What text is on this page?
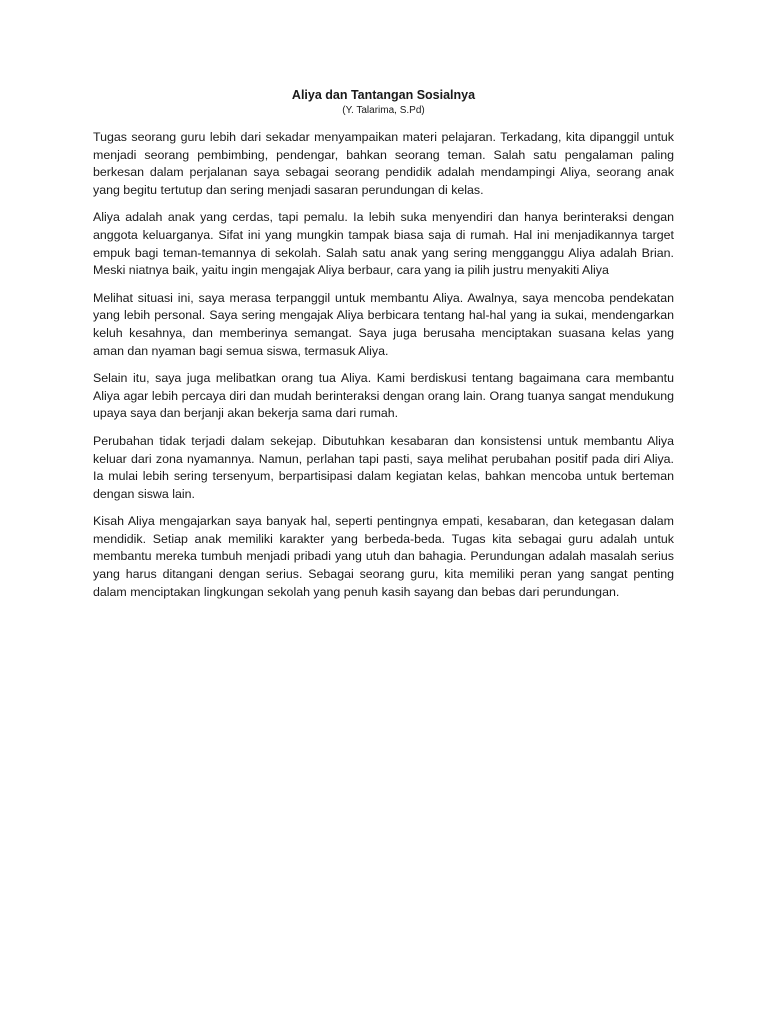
Aliya dan Tantangan Sosialnya
(Y. Talarima, S.Pd)

Tugas seorang guru lebih dari sekadar menyampaikan materi pelajaran. Terkadang, kita dipanggil untuk menjadi seorang pembimbing, pendengar, bahkan seorang teman. Salah satu pengalaman paling berkesan dalam perjalanan saya sebagai seorang pendidik adalah mendampingi Aliya, seorang anak yang begitu tertutup dan sering menjadi sasaran perundungan di kelas.

Aliya adalah anak yang cerdas, tapi pemalu. Ia lebih suka menyendiri dan hanya berinteraksi dengan anggota keluarganya. Sifat ini yang mungkin tampak biasa saja di rumah. Hal ini menjadikannya target empuk bagi teman-temannya di sekolah. Salah satu anak yang sering mengganggu Aliya adalah Brian. Meski niatnya baik, yaitu ingin mengajak Aliya berbaur, cara yang ia pilih justru menyakiti Aliya

Melihat situasi ini, saya merasa terpanggil untuk membantu Aliya. Awalnya, saya mencoba pendekatan yang lebih personal. Saya sering mengajak Aliya berbicara tentang hal-hal yang ia sukai, mendengarkan keluh kesahnya, dan memberinya semangat. Saya juga berusaha menciptakan suasana kelas yang aman dan nyaman bagi semua siswa, termasuk Aliya.

Selain itu, saya juga melibatkan orang tua Aliya. Kami berdiskusi tentang bagaimana cara membantu Aliya agar lebih percaya diri dan mudah berinteraksi dengan orang lain. Orang tuanya sangat mendukung upaya saya dan berjanji akan bekerja sama dari rumah.

Perubahan tidak terjadi dalam sekejap. Dibutuhkan kesabaran dan konsistensi untuk membantu Aliya keluar dari zona nyamannya. Namun, perlahan tapi pasti, saya melihat perubahan positif pada diri Aliya. Ia mulai lebih sering tersenyum, berpartisipasi dalam kegiatan kelas, bahkan mencoba untuk berteman dengan siswa lain.

Kisah Aliya mengajarkan saya banyak hal, seperti pentingnya empati, kesabaran, dan ketegasan dalam mendidik. Setiap anak memiliki karakter yang berbeda-beda. Tugas kita sebagai guru adalah untuk membantu mereka tumbuh menjadi pribadi yang utuh dan bahagia. Perundungan adalah masalah serius yang harus ditangani dengan serius. Sebagai seorang guru, kita memiliki peran yang sangat penting dalam menciptakan lingkungan sekolah yang penuh kasih sayang dan bebas dari perundungan.
